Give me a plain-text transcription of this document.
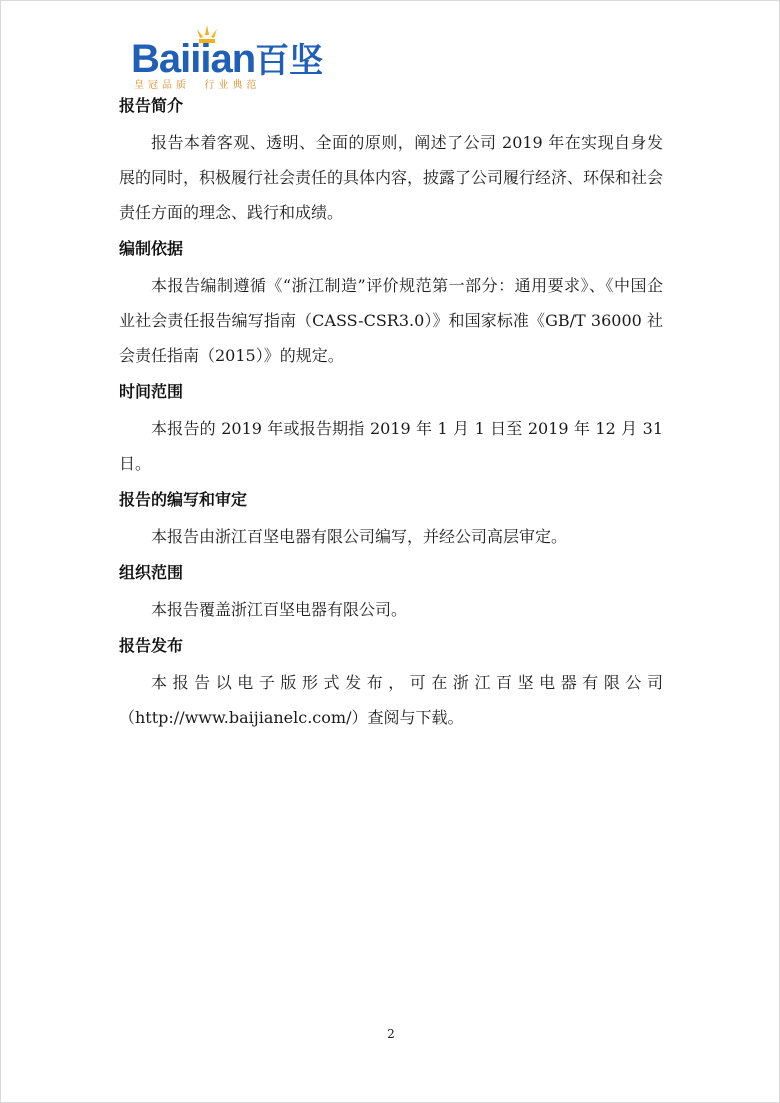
Baiiian百坚
皇冠品质  行业典范
报告简介

报告本着客观、透明、全面的原则，阐述了公司 2019 年在实现自身发展的同时，积极履行社会责任的具体内容，披露了公司履行经济、环保和社会责任方面的理念、践行和成绩。

编制依据

本报告编制遵循《“浙江制造”评价规范第一部分：通用要求》、《中国企业社会责任报告编写指南（CASS-CSR3.0）》和国家标准《GB/T 36000 社会责任指南（2015）》的规定。

时间范围

本报告的 2019 年或报告期指 2019 年 1 月 1 日至 2019 年 12 月 31 日。

报告的编写和审定

本报告由浙江百坚电器有限公司编写，并经公司高层审定。

组织范围

本报告覆盖浙江百坚电器有限公司。

报告发布

本报告以电子版形式发布，可在浙江百坚电器有限公司（http://www.baijianelc.com/）查阅与下载。

2
